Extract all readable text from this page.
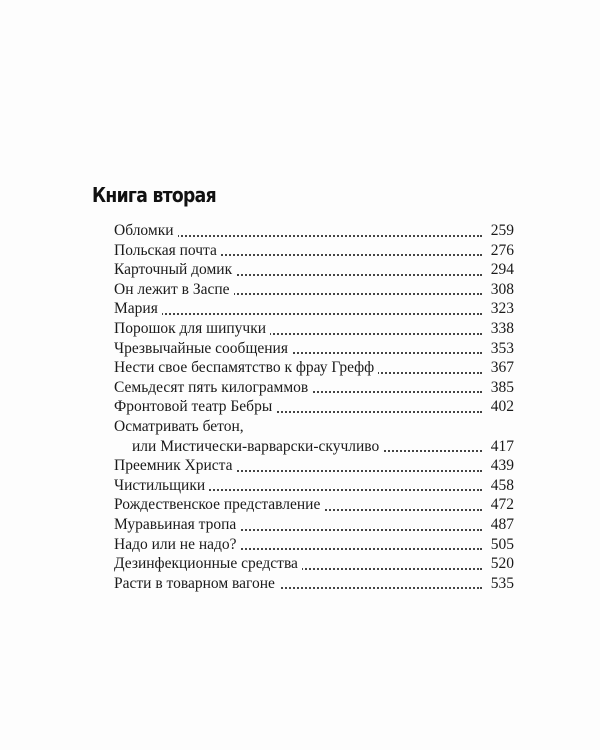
Книга вторая
Обломки	259
Польская почта	276
Карточный домик	294
Он лежит в Заспе	308
Мария	323
Порошок для шипучки	338
Чрезвычайные сообщения	353
Нести свое беспамятство к фрау Грефф	367
Семьдесят пять килограммов	385
Фронтовой театр Бебры	402
Осматривать бетон,
или Мистически-варварски-скучливо	417
Преемник Христа	439
Чистильщики	458
Рождественское представление	472
Муравьиная тропа	487
Надо или не надо?	505
Дезинфекционные средства	520
Расти в товарном вагоне	535
